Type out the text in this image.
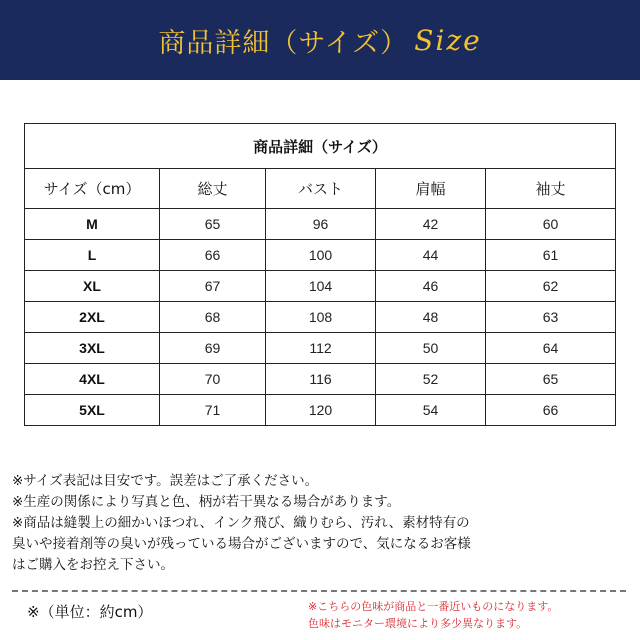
商品詳細（サイズ） Size
商品詳細（サイズ）				
サイズ（cm）	総丈	バスト	肩幅	袖丈
M	65	96	42	60
L	66	100	44	61
XL	67	104	46	62
2XL	68	108	48	63
3XL	69	112	50	64
4XL	70	116	52	65
5XL	71	120	54	66
※サイズ表記は目安です。誤差はご了承ください。
※生産の関係により写真と色、柄が若干異なる場合があります。
※商品は縫製上の細かいほつれ、インク飛び、織りむら、汚れ、素材特有の
臭いや接着剤等の臭いが残っている場合がございますので、気になるお客様
はご購入をお控え下さい。
※（単位：約cm）	※こちらの色味が商品と一番近いものになります。
色味はモニター環境により多少異なります。
